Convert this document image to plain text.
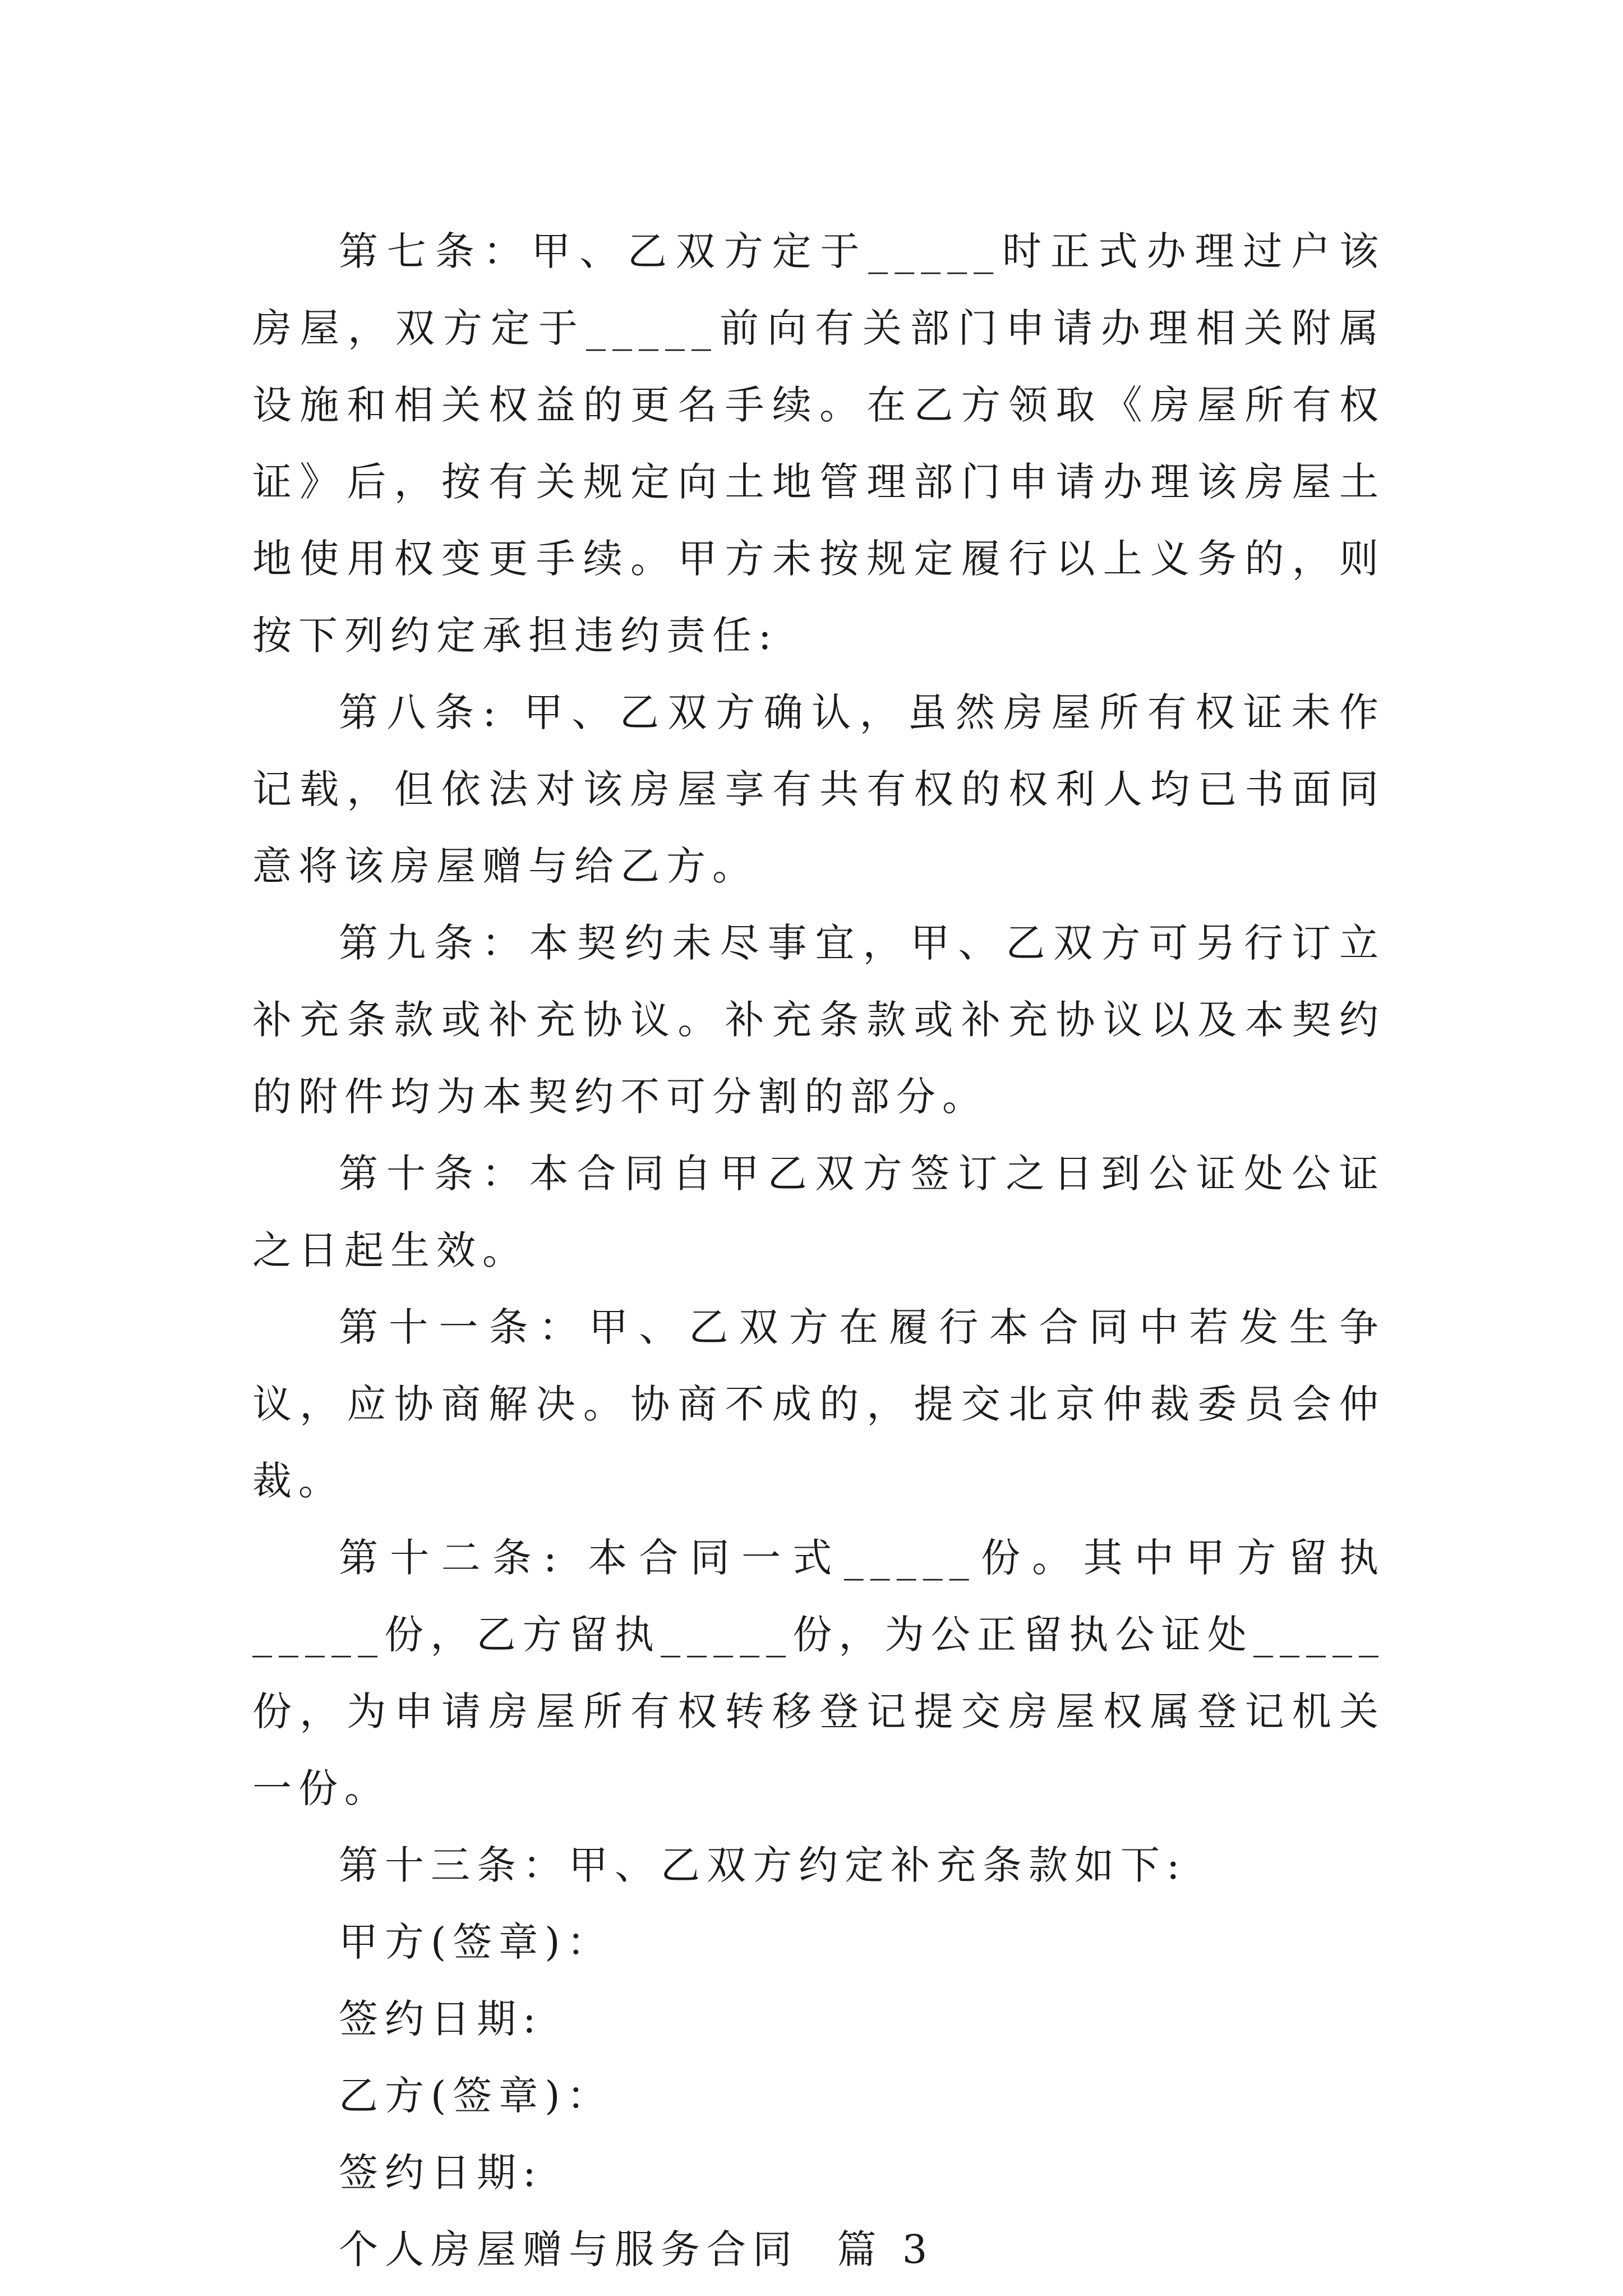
第七条：甲、乙双方定于_____时正式办理过户该房屋，双方定于_____前向有关部门申请办理相关附属设施和相关权益的更名手续。在乙方领取《房屋所有权证》后，按有关规定向土地管理部门申请办理该房屋土地使用权变更手续。甲方未按规定履行以上义务的，则按下列约定承担违约责任:

第八条: 甲、乙双方确认，虽然房屋所有权证未作记载，但依法对该房屋享有共有权的权利人均已书面同意将该房屋赠与给乙方。

第九条：本契约未尽事宜，甲、乙双方可另行订立补充条款或补充协议。补充条款或补充协议以及本契约的附件均为本契约不可分割的部分。

第十条：本合同自甲乙双方签订之日到公证处公证之日起生效。

第十一条：甲、乙双方在履行本合同中若发生争议，应协商解决。协商不成的，提交北京仲裁委员会仲裁。

第十二条: 本合同一式_____份。其中甲方留执_____份，乙方留执_____份，为公正留执公证处_____份，为申请房屋所有权转移登记提交房屋权属登记机关一份。

第十三条：甲、乙双方约定补充条款如下:

甲方(签章)：

签约日期:

乙方(签章)：

签约日期:

个人房屋赠与服务合同  篇 3
